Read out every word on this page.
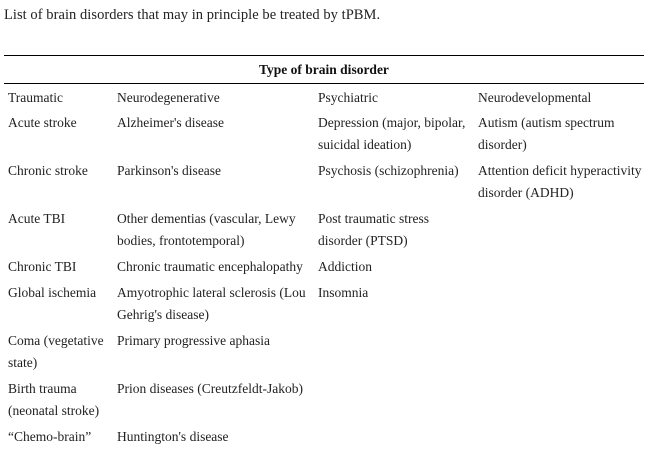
List of brain disorders that may in principle be treated by tPBM.
Type of brain disorder
Traumatic	Neurodegenerative	Psychiatric	Neurodevelopmental
Acute stroke	Alzheimer's disease	Depression (major, bipolar, suicidal ideation)	Autism (autism spectrum disorder)
Chronic stroke	Parkinson's disease	Psychosis (schizophrenia)	Attention deficit hyperactivity disorder (ADHD)
Acute TBI	Other dementias (vascular, Lewy bodies, frontotemporal)	Post traumatic stress disorder (PTSD)	
Chronic TBI	Chronic traumatic encephalopathy	Addiction	
Global ischemia	Amyotrophic lateral sclerosis (Lou Gehrig's disease)	Insomnia	
Coma (vegetative state)	Primary progressive aphasia		
Birth trauma (neonatal stroke)	Prion diseases (Creutzfeldt-Jakob)		
“Chemo-brain”	Huntington's disease		
